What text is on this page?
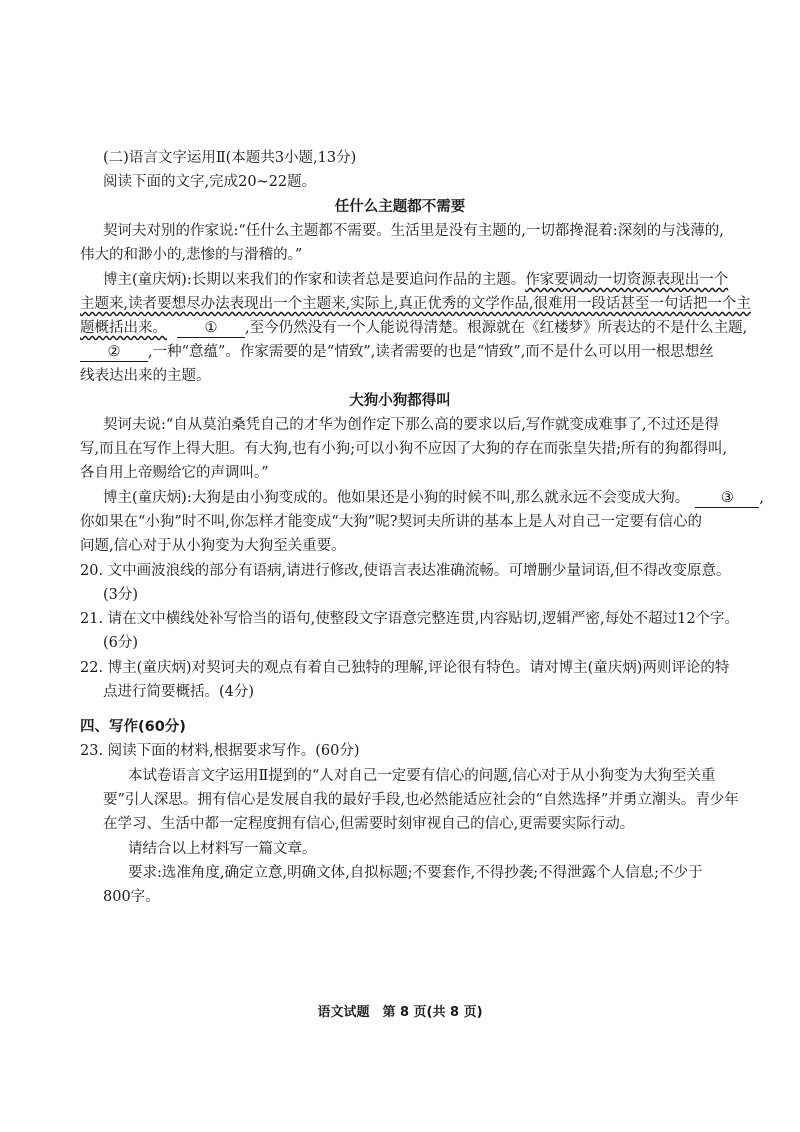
(二)语言文字运用Ⅱ(本题共3小题,13分)
阅读下面的文字,完成20~22题。
任什么主题都不需要
契诃夫对别的作家说:“任什么主题都不需要。生活里是没有主题的,一切都搀混着:深刻的与浅薄的,
伟大的和渺小的,悲惨的与滑稽的。”
博主(童庆炳):长期以来我们的作家和读者总是要追问作品的主题。作家要调动一切资源表现出一个
主题来,读者要想尽办法表现出一个主题来,实际上,真正优秀的文学作品,很难用一段话甚至一句话把一个主
题概括出来。	① ,至今仍然没有一个人能说得清楚。根源就在《红楼梦》所表达的不是什么主题,
② ,一种“意蕴”。作家需要的是“情致”,读者需要的也是“情致”,而不是什么可以用一根思想丝
线表达出来的主题。
大狗小狗都得叫
契诃夫说:“自从莫泊桑凭自己的才华为创作定下那么高的要求以后,写作就变成难事了,不过还是得
写,而且在写作上得大胆。有大狗,也有小狗;可以小狗不应因了大狗的存在而张皇失措;所有的狗都得叫,
各自用上帝赐给它的声调叫。”
博主(童庆炳):大狗是由小狗变成的。他如果还是小狗的时候不叫,那么就永远不会变成大狗。 ③ ,
你如果在“小狗”时不叫,你怎样才能变成“大狗”呢?契诃夫所讲的基本上是人对自己一定要有信心的
问题,信心对于从小狗变为大狗至关重要。
20. 文中画波浪线的部分有语病,请进行修改,使语言表达准确流畅。可增删少量词语,但不得改变原意。
(3分)
21. 请在文中横线处补写恰当的语句,使整段文字语意完整连贯,内容贴切,逻辑严密,每处不超过12个字。
(6分)
22. 博主(童庆炳)对契诃夫的观点有着自己独特的理解,评论很有特色。请对博主(童庆炳)两则评论的特
点进行简要概括。(4分)
四、写作(60分)
23. 阅读下面的材料,根据要求写作。(60分)
本试卷语言文字运用Ⅱ提到的“人对自己一定要有信心的问题,信心对于从小狗变为大狗至关重
要”引人深思。拥有信心是发展自我的最好手段,也必然能适应社会的“自然选择”并勇立潮头。青少年
在学习、生活中都一定程度拥有信心,但需要时刻审视自己的信心,更需要实际行动。
请结合以上材料写一篇文章。
要求:选准角度,确定立意,明确文体,自拟标题;不要套作,不得抄袭;不得泄露个人信息;不少于
800字。
语文试题　第 8 页(共 8 页)
